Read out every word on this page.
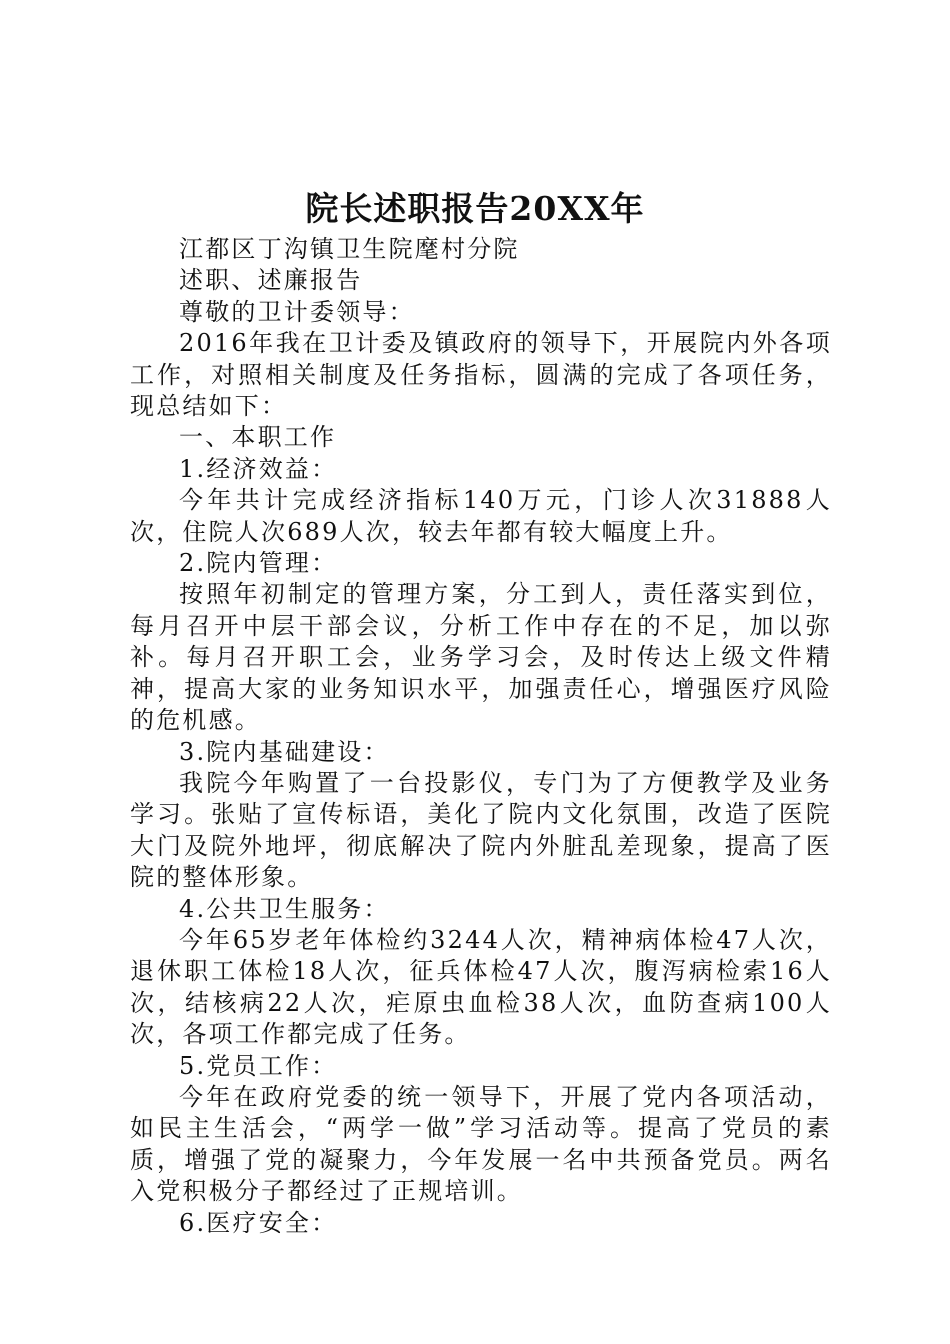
院长述职报告20XX年

江都区丁沟镇卫生院麾村分院

述职、述廉报告

尊敬的卫计委领导：

2016年我在卫计委及镇政府的领导下，开展院内外各项工作，对照相关制度及任务指标，圆满的完成了各项任务，现总结如下：

一、本职工作

1.经济效益：

今年共计完成经济指标140万元，门诊人次31888人次，住院人次689人次，较去年都有较大幅度上升。

2.院内管理：

按照年初制定的管理方案，分工到人，责任落实到位，每月召开中层干部会议，分析工作中存在的不足，加以弥补。每月召开职工会，业务学习会，及时传达上级文件精神，提高大家的业务知识水平，加强责任心，增强医疗风险的危机感。

3.院内基础建设：

我院今年购置了一台投影仪，专门为了方便教学及业务学习。张贴了宣传标语，美化了院内文化氛围，改造了医院大门及院外地坪，彻底解决了院内外脏乱差现象，提高了医院的整体形象。

4.公共卫生服务：

今年65岁老年体检约3244人次，精神病体检47人次，退休职工体检18人次，征兵体检47人次，腹泻病检索16人次，结核病22人次，疟原虫血检38人次，血防查病100人次，各项工作都完成了任务。

5.党员工作：

今年在政府党委的统一领导下，开展了党内各项活动，如民主生活会，“两学一做”学习活动等。提高了党员的素质，增强了党的凝聚力，今年发展一名中共预备党员。两名入党积极分子都经过了正规培训。

6.医疗安全：
